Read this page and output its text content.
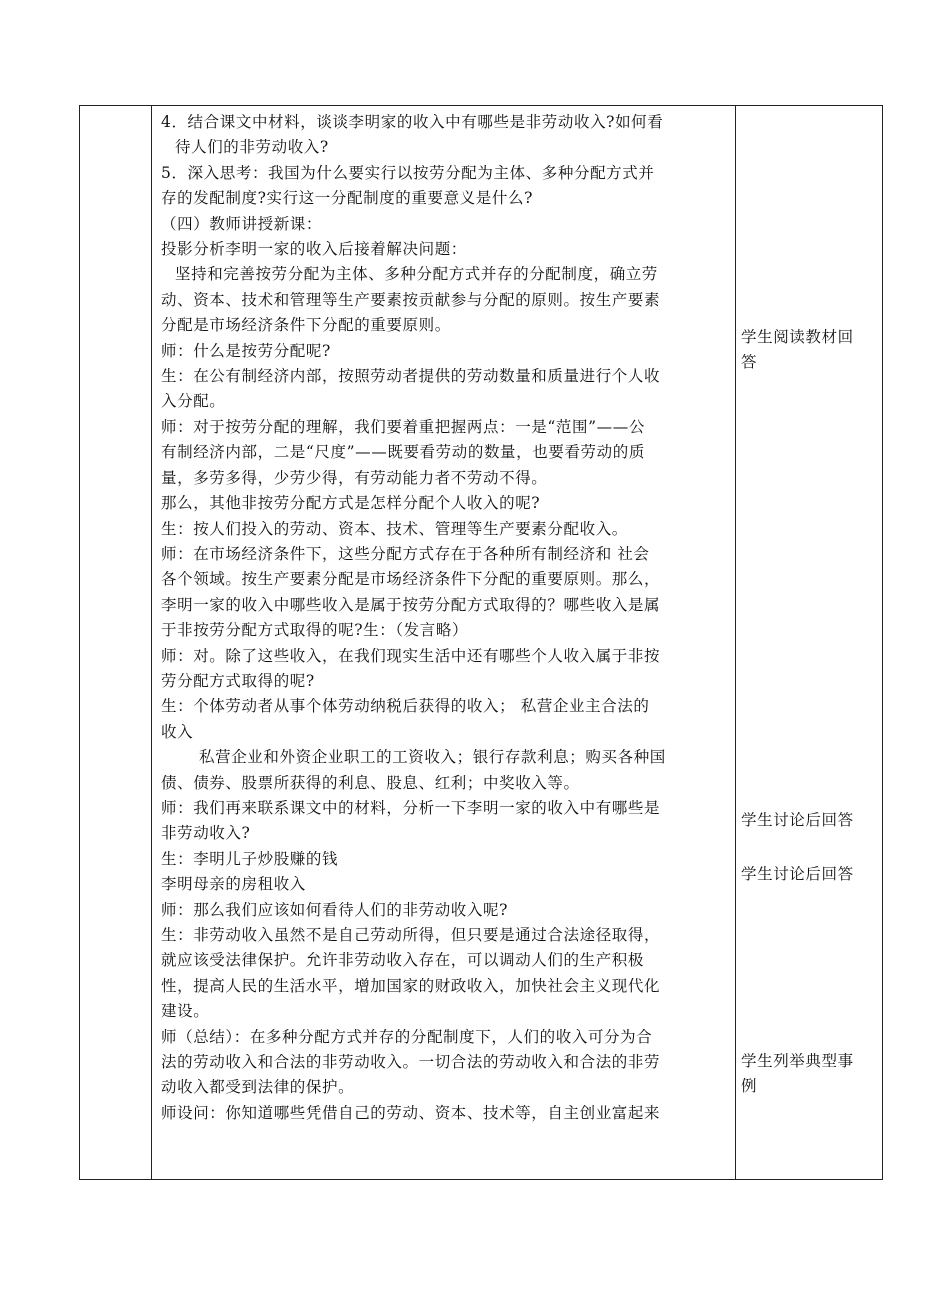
4．结合课文中材料，谈谈李明家的收入中有哪些是非劳动收入?如何看

待人们的非劳动收入?

5．深入思考：我国为什么要实行以按劳分配为主体、多种分配方式并

存的发配制度?实行这一分配制度的重要意义是什么?

（四）教师讲授新课：

投影分析李明一家的收入后接着解决问题：

坚持和完善按劳分配为主体、多种分配方式并存的分配制度，确立劳

动、资本、技术和管理等生产要素按贡献参与分配的原则。按生产要素

分配是市场经济条件下分配的重要原则。

师：什么是按劳分配呢?

生：在公有制经济内部，按照劳动者提供的劳动数量和质量进行个人收

入分配。

师：对于按劳分配的理解，我们要着重把握两点：一是“范围”——公

有制经济内部，二是“尺度”——既要看劳动的数量，也要看劳动的质

量，多劳多得，少劳少得，有劳动能力者不劳动不得。

那么，其他非按劳分配方式是怎样分配个人收入的呢?

生：按人们投入的劳动、资本、技术、管理等生产要素分配收入。

师：在市场经济条件下，这些分配方式存在于各种所有制经济和 社会

各个领域。按生产要素分配是市场经济条件下分配的重要原则。那么，

李明一家的收入中哪些收入是属于按劳分配方式取得的？哪些收入是属

于非按劳分配方式取得的呢?生：（发言略）

师：对。除了这些收入，在我们现实生活中还有哪些个人收入属于非按

劳分配方式取得的呢?

生：个体劳动者从事个体劳动纳税后获得的收入； 私营企业主合法的

收入

私营企业和外资企业职工的工资收入；银行存款利息；购买各种国

债、债券、股票所获得的利息、股息、红利；中奖收入等。

师：我们再来联系课文中的材料，分析一下李明一家的收入中有哪些是

非劳动收入?

生：李明儿子炒股赚的钱

李明母亲的房租收入

师：那么我们应该如何看待人们的非劳动收入呢?

生：非劳动收入虽然不是自己劳动所得，但只要是通过合法途径取得，

就应该受法律保护。允许非劳动收入存在，可以调动人们的生产积极

性，提高人民的生活水平，增加国家的财政收入，加快社会主义现代化

建设。

师（总结）：在多种分配方式并存的分配制度下，人们的收入可分为合

法的劳动收入和合法的非劳动收入。一切合法的劳动收入和合法的非劳

动收入都受到法律的保护。

师设问：你知道哪些凭借自己的劳动、资本、技术等，自主创业富起来

学生阅读教材回
答
学生讨论后回答
学生讨论后回答
学生列举典型事
例
